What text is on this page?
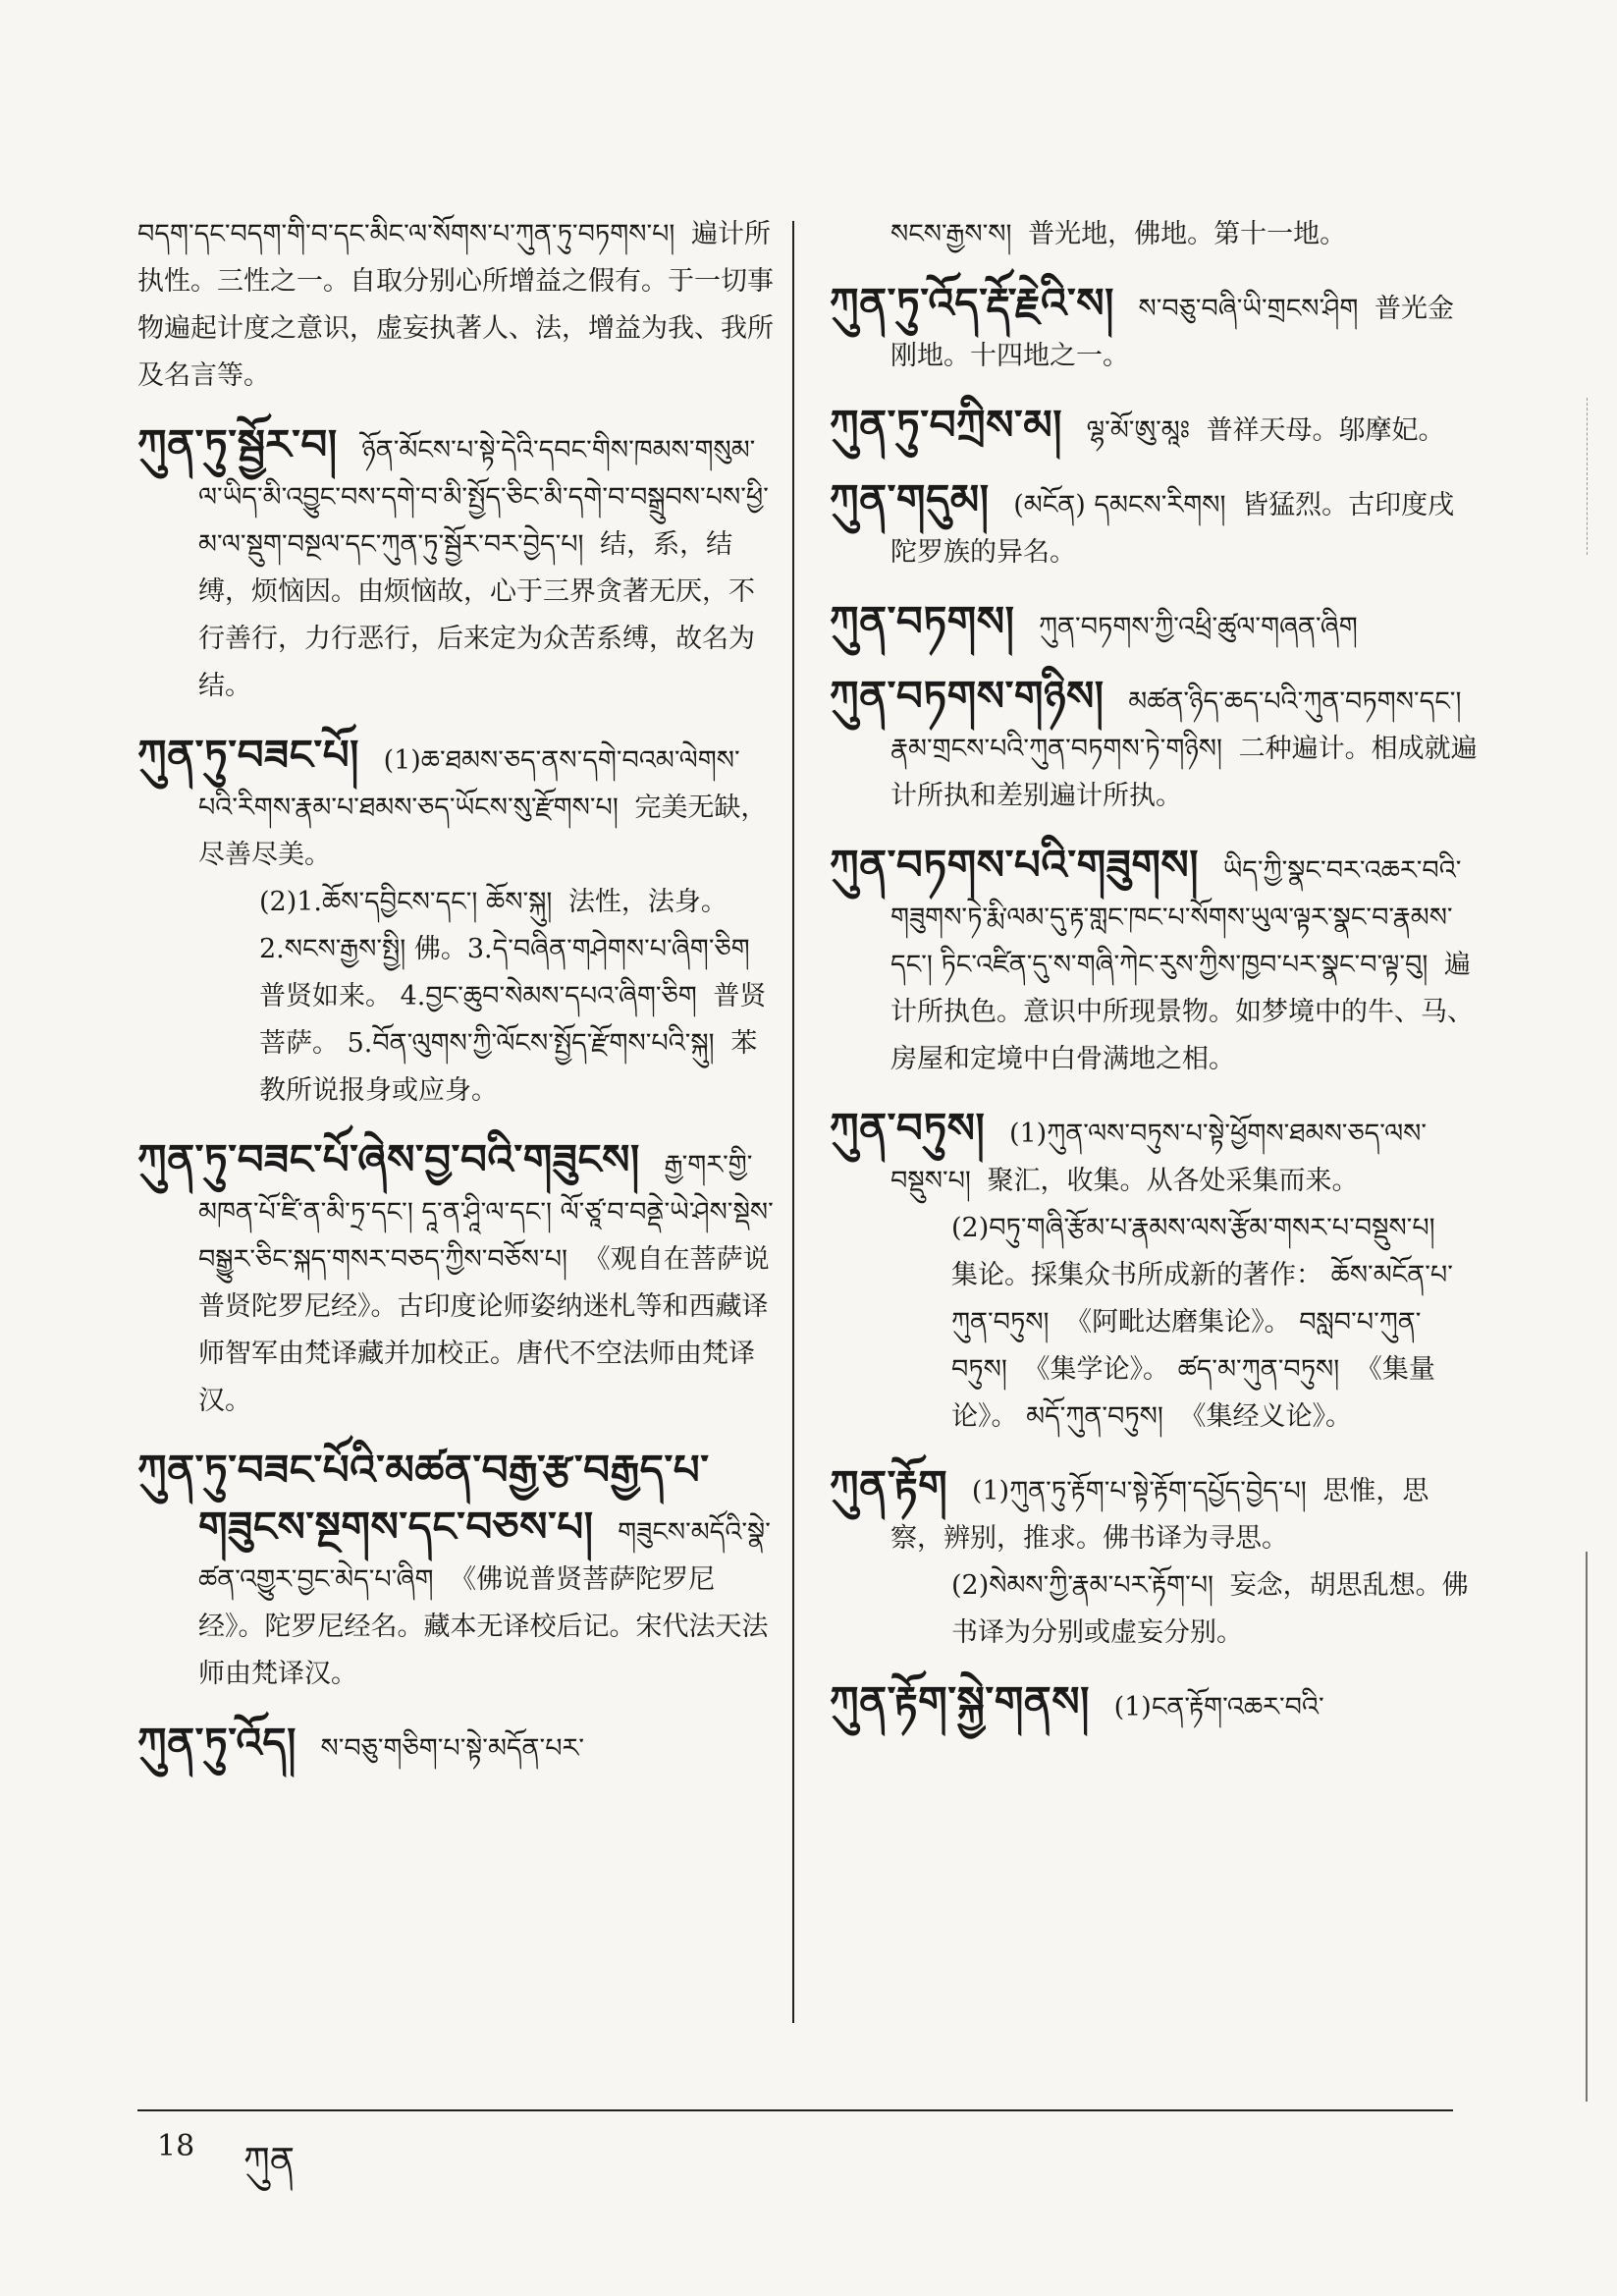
བདག་དང་བདག་གི་བ་དང་མིང་ལ་སོགས་པ་ཀུན་ཏུ་བཏགས་པ། 遍计所执性。三性之一。自取分别心所增益之假有。于一切事物遍起计度之意识，虚妄执著人、法，增益为我、我所及名言等。
ཀུན་ཏུ་སྦྱོར་བ། ཉོན་མོངས་པ་སྟེ་དེའི་དབང་གིས་ཁམས་གསུམ་ལ་ཡིད་མི་འབྱུང་བས་དགེ་བ་མི་སྤྱོད་ཅིང་མི་དགེ་བ་བསྒྲུབས་པས་ཕྱི་མ་ལ་སྡུག་བསྔལ་དང་ཀུན་ཏུ་སྦྱོར་བར་བྱེད་པ། 结，系，结缚，烦恼因。由烦恼故，心于三界贪著无厌，不行善行，力行恶行，后来定为众苦系缚，故名为结。
ཀུན་ཏུ་བཟང་པོ། (1)ཆ་ཐམས་ཅད་ནས་དགེ་བའམ་ལེགས་པའི་རིགས་རྣམ་པ་ཐམས་ཅད་ཡོངས་སུ་རྫོགས་པ། 完美无缺，尽善尽美。
(2)1.ཆོས་དབྱིངས་དང་། ཆོས་སྐུ། 法性，法身。 2.སངས་རྒྱས་སྤྱི། 佛。3.དེ་བཞིན་གཤེགས་པ་ཞིག་ཅིག 普贤如来。 4.བྱང་ཆུབ་སེམས་དཔའ་ཞིག་ཅིག 普贤菩萨。 5.བོན་ལུགས་ཀྱི་ལོངས་སྤྱོད་རྫོགས་པའི་སྐུ། 苯教所说报身或应身。
ཀུན་ཏུ་བཟང་པོ་ཞེས་བྱ་བའི་གཟུངས། རྒྱ་གར་གྱི་མཁན་པོ་ཛི་ན་མི་ཏྲ་དང་། དཱ་ན་ཤཱི་ལ་དང་། ལོ་ཙཱ་བ་བནྡེ་ཡེ་ཤེས་སྡེས་བསྒྱུར་ཅིང་སྐད་གསར་བཅད་ཀྱིས་བཅོས་པ། 《观自在菩萨说普贤陀罗尼经》。古印度论师姿纳迷札等和西藏译师智军由梵译藏并加校正。唐代不空法师由梵译汉。
ཀུན་ཏུ་བཟང་པོའི་མཚན་བརྒྱ་རྩ་བརྒྱད་པ་གཟུངས་སྔགས་དང་བཅས་པ། གཟུངས་མདོའི་སྣེ་ཚན་འགྱུར་བྱང་མེད་པ་ཞིག 《佛说普贤菩萨陀罗尼经》。陀罗尼经名。藏本无译校后记。宋代法天法师由梵译汉。
ཀུན་ཏུ་འོད། ས་བཅུ་གཅིག་པ་སྟེ་མདོན་པར་
སངས་རྒྱས་ས། 普光地，佛地。第十一地。
ཀུན་ཏུ་འོད་རྡོ་རྗེའི་ས། ས་བཅུ་བཞི་ཡི་གྲངས་ཤིག 普光金刚地。十四地之一。
ཀུན་ཏུ་བཀྲིས་མ། ལྷ་མོ་ཨུ་མཱཿ 普祥天母。邬摩妃。
ཀུན་གདུམ། (མངོན) དམངས་རིགས། 皆猛烈。古印度戌陀罗族的异名。
ཀུན་བཏགས། ཀུན་བཏགས་ཀྱི་འཕྲི་ཚུལ་གཞན་ཞིག
ཀུན་བཏགས་གཉིས། མཚན་ཉིད་ཆད་པའི་ཀུན་བཏགས་དང་། རྣམ་གྲངས་པའི་ཀུན་བཏགས་ཏེ་གཉིས། 二种遍计。相成就遍计所执和差别遍计所执。
ཀུན་བཏགས་པའི་གཟུགས། ཡིད་ཀྱི་སྣང་བར་འཆར་བའི་གཟུགས་ཏེ་རྨི་ལམ་དུ་རྟ་གླང་ཁང་པ་སོགས་ཡུལ་ལྟར་སྣང་བ་རྣམས་དང་། ཏིང་འཛིན་དུ་ས་གཞི་ཀེང་རུས་ཀྱིས་ཁྱབ་པར་སྣང་བ་ལྟ་བུ། 遍计所执色。意识中所现景物。如梦境中的牛、马、房屋和定境中白骨满地之相。
ཀུན་བཏུས། (1)ཀུན་ལས་བཏུས་པ་སྟེ་ཕྱོགས་ཐམས་ཅད་ལས་བསྡུས་པ། 聚汇，收集。从各处采集而来。
(2)བཏུ་གཞི་རྩོམ་པ་རྣམས་ལས་རྩོམ་གསར་པ་བསྡུས་པ། 集论。採集众书所成新的著作： ཆོས་མངོན་པ་ཀུན་བཏུས། 《阿毗达磨集论》。 བསླབ་པ་ཀུན་བཏུས། 《集学论》。 ཚད་མ་ཀུན་བཏུས། 《集量论》。 མདོ་ཀུན་བཏུས། 《集经义论》。
ཀུན་རྟོག (1)ཀུན་ཏུ་རྟོག་པ་སྟེ་རྟོག་དཔྱོད་བྱེད་པ། 思惟，思察，辨别，推求。佛书译为寻思。
(2)སེམས་ཀྱི་རྣམ་པར་རྟོག་པ། 妄念，胡思乱想。佛书译为分别或虚妄分别。
ཀུན་རྟོག་སྐྱེ་གནས། (1)ངན་རྟོག་འཆར་བའི་
18 ཀུན
